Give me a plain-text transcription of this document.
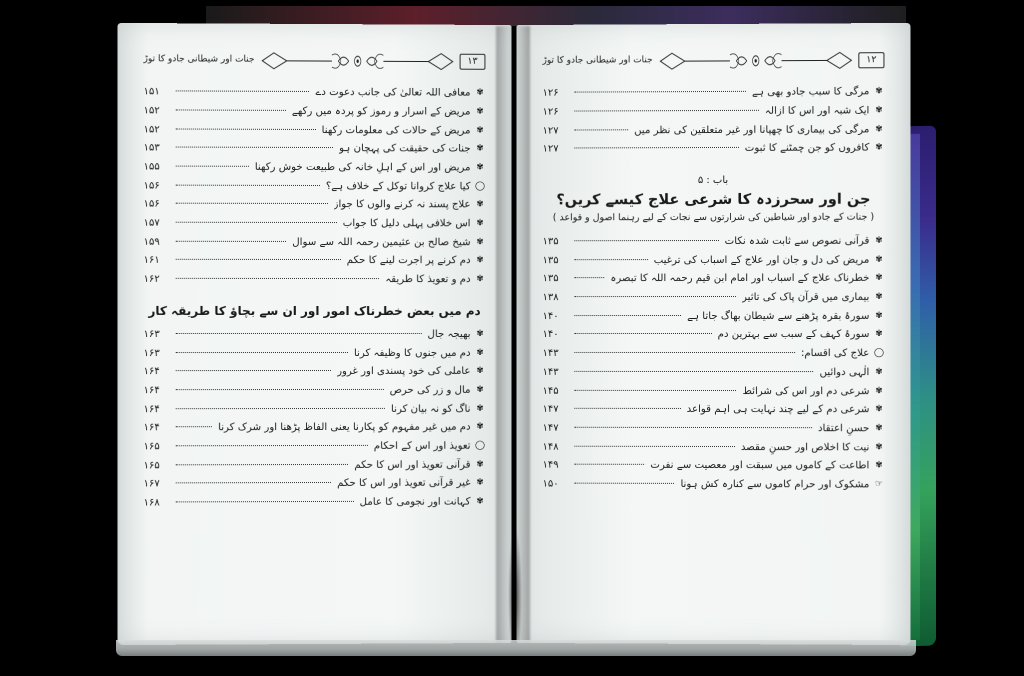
۱۲
جنات اور شیطانی جادو کا توڑ
✾
مرگی کا سبب جادو بھی ہے
۱۲۶
✾
ایک شبہ اور اس کا ازالہ
۱۲۶
✾
مرگی کی بیماری کا چھپانا اور غیر متعلقین کی نظر میں
۱۲۷
✾
کافروں کو جن چمٹنے کا ثبوت
۱۲۷
باب : ۵
جن اور سحرزدہ کا شرعی علاج کیسے کریں؟
( جنات کے جادو اور شیاطین کی شرارتوں سے نجات کے لیے رہنما اصول و قواعد )
✾
قرآنی نصوص سے ثابت شدہ نکات
۱۳۵
✾
مریض کی دل و جان اور علاج کے اسباب کی ترغیب
۱۳۵
✾
خطرناک علاج کے اسباب اور امام ابن قیم رحمہ اللہ کا تبصرہ
۱۳۵
✾
بیماری میں قرآن پاک کی تاثیر
۱۳۸
✾
سورۂ بقرہ پڑھنے سے شیطان بھاگ جاتا ہے
۱۴۰
✾
سورۂ کہف کے سبب سے بہترین دم
۱۴۰
◯
علاج کی اقسام:
۱۴۳
✾
الٰہی دوائیں
۱۴۳
✾
شرعی دم اور اس کی شرائط
۱۴۵
✾
شرعی دم کے لیے چند نہایت ہی اہم قواعد
۱۴۷
✾
حسنِ اعتقاد
۱۴۷
✾
نیت کا اخلاص اور حسنِ مقصد
۱۴۸
✾
اطاعت کے کاموں میں سبقت اور معصیت سے نفرت
۱۴۹
☞
مشکوک اور حرام کاموں سے کنارہ کش ہونا
۱۵۰
۱۳
جنات اور شیطانی جادو کا توڑ
✾
معافی اللہ تعالیٰ کی جانب دعوت دے
۱۵۱
✾
مریض کے اسرار و رموز کو پردہ میں رکھے
۱۵۲
✾
مریض کے حالات کی معلومات رکھنا
۱۵۲
✾
جنات کی حقیقت کی پہچان ہو
۱۵۳
✾
مریض اور اس کے اہلِ خانہ کی طبیعت خوش رکھنا
۱۵۵
◯
کیا علاج کروانا توکل کے خلاف ہے؟
۱۵۶
✾
علاج پسند نہ کرنے والوں کا جواز
۱۵۶
✾
اس خلافی پہلی دلیل کا جواب
۱۵۷
✾
شیخ صالح بن عثیمین رحمہ اللہ سے سوال
۱۵۹
✾
دم کرنے پر اجرت لینے کا حکم
۱۶۱
✾
دم و تعویذ کا طریقہ
۱۶۲
دم میں بعض خطرناک امور اور ان سے بچاؤ کا طریقہ کار
✾
بھیجہ جال
۱۶۳
✾
دم میں جنوں کا وظیفہ کرنا
۱۶۳
✾
عاملی کی خود پسندی اور غرور
۱۶۴
✾
مال و زر کی حرص
۱۶۴
✾
ناگ کو نہ بیان کرنا
۱۶۴
✾
دم میں غیر مفہوم کو پکارنا یعنی الفاظ پڑھنا اور شرک کرنا
۱۶۴
◯
تعویذ اور اس کے احکام
۱۶۵
✾
قرآنی تعویذ اور اس کا حکم
۱۶۵
✾
غیر قرآنی تعویذ اور اس کا حکم
۱۶۷
✾
کہانت اور نجومی کا عامل
۱۶۸
